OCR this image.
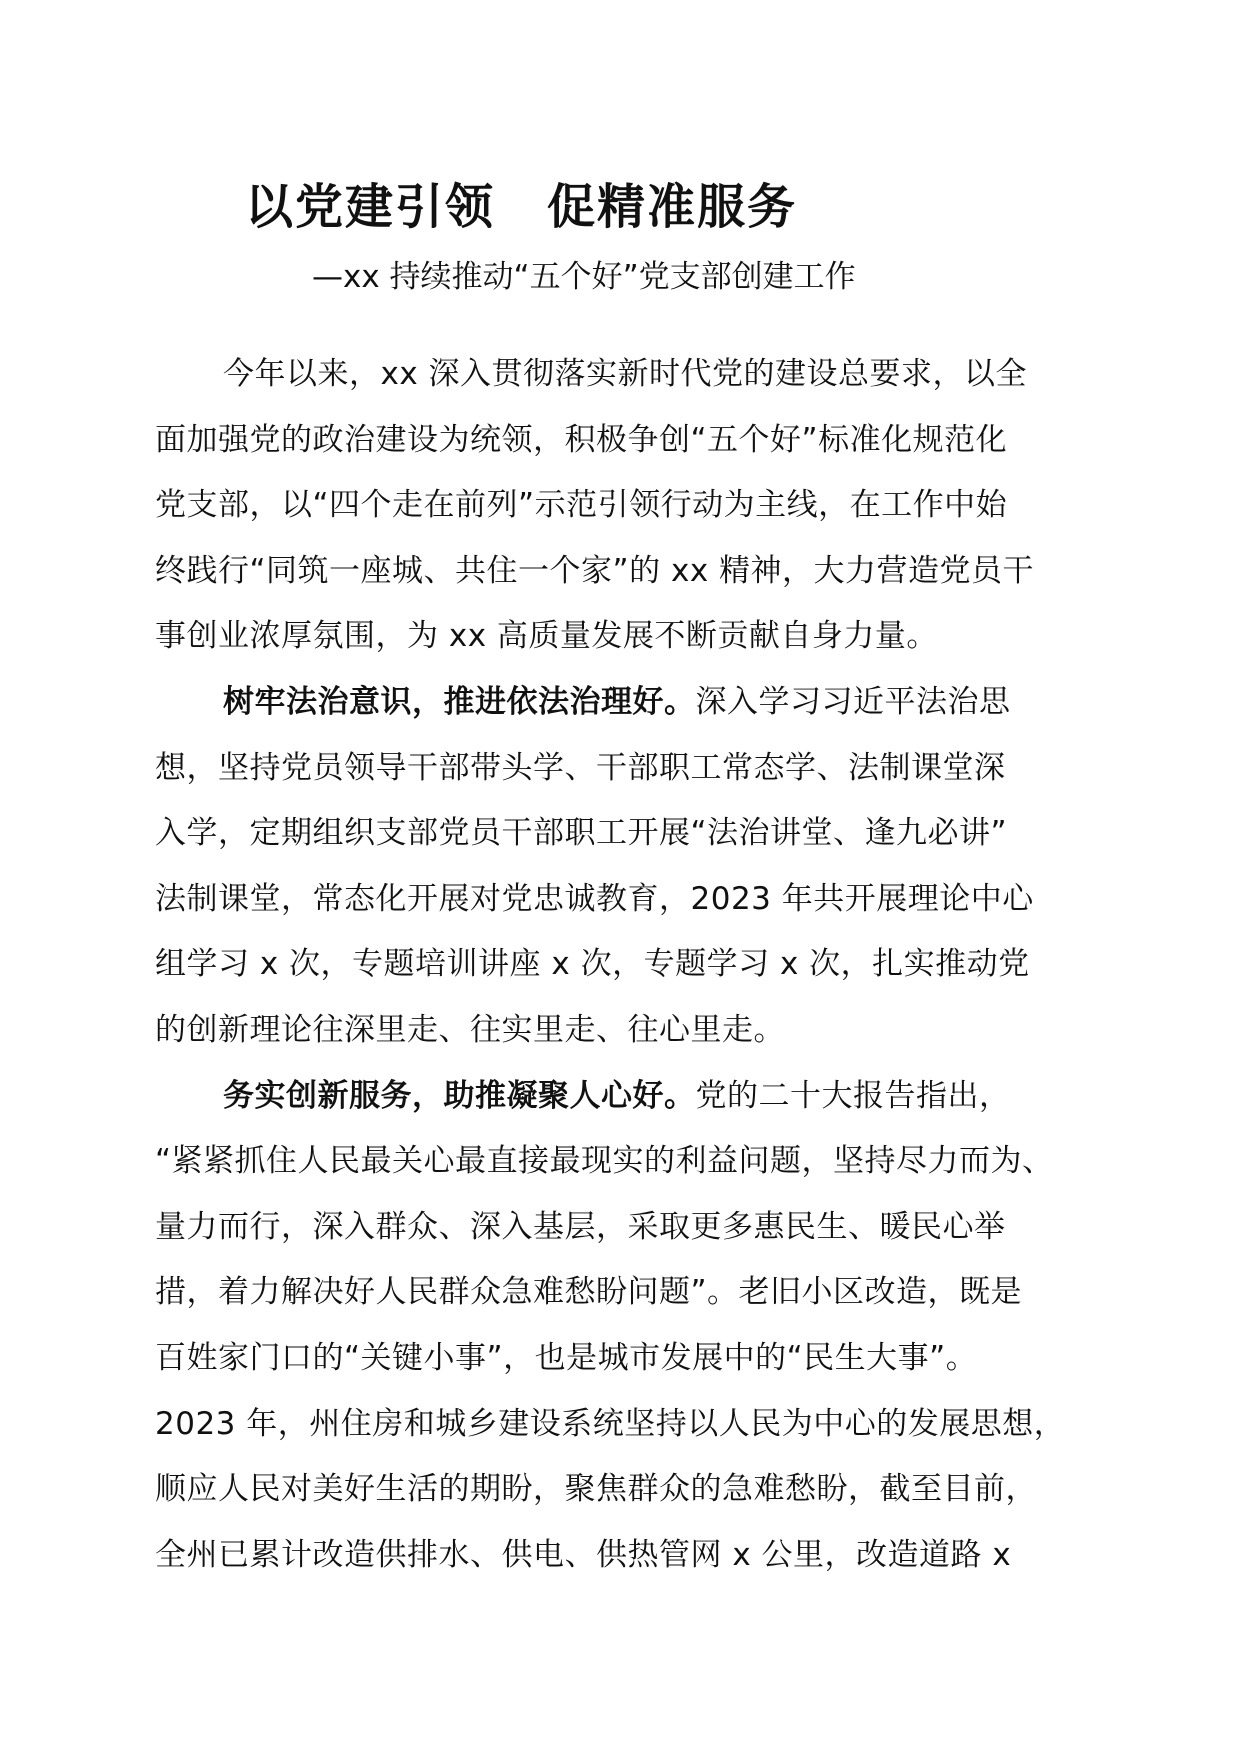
以党建引领 促精准服务

—xx 持续推动“五个好”党支部创建工作

今年以来，xx 深入贯彻落实新时代党的建设总要求，以全
面加强党的政治建设为统领，积极争创“五个好”标准化规范化
党支部，以“四个走在前列”示范引领行动为主线，在工作中始
终践行“同筑一座城、共住一个家”的 xx 精神，大力营造党员干
事创业浓厚氛围，为 xx 高质量发展不断贡献自身力量。

树牢法治意识，推进依法治理好。深入学习习近平法治思
想，坚持党员领导干部带头学、干部职工常态学、法制课堂深
入学，定期组织支部党员干部职工开展“法治讲堂、逢九必讲”
法制课堂，常态化开展对党忠诚教育，2023 年共开展理论中心
组学习 x 次，专题培训讲座 x 次，专题学习 x 次，扎实推动党
的创新理论往深里走、往实里走、往心里走。

务实创新服务，助推凝聚人心好。党的二十大报告指出，
“紧紧抓住人民最关心最直接最现实的利益问题，坚持尽力而为、
量力而行，深入群众、深入基层，采取更多惠民生、暖民心举
措，着力解决好人民群众急难愁盼问题”。老旧小区改造，既是
百姓家门口的“关键小事”，也是城市发展中的“民生大事”。
2023 年，州住房和城乡建设系统坚持以人民为中心的发展思想，
顺应人民对美好生活的期盼，聚焦群众的急难愁盼，截至目前，
全州已累计改造供排水、供电、供热管网 x 公里，改造道路 x
